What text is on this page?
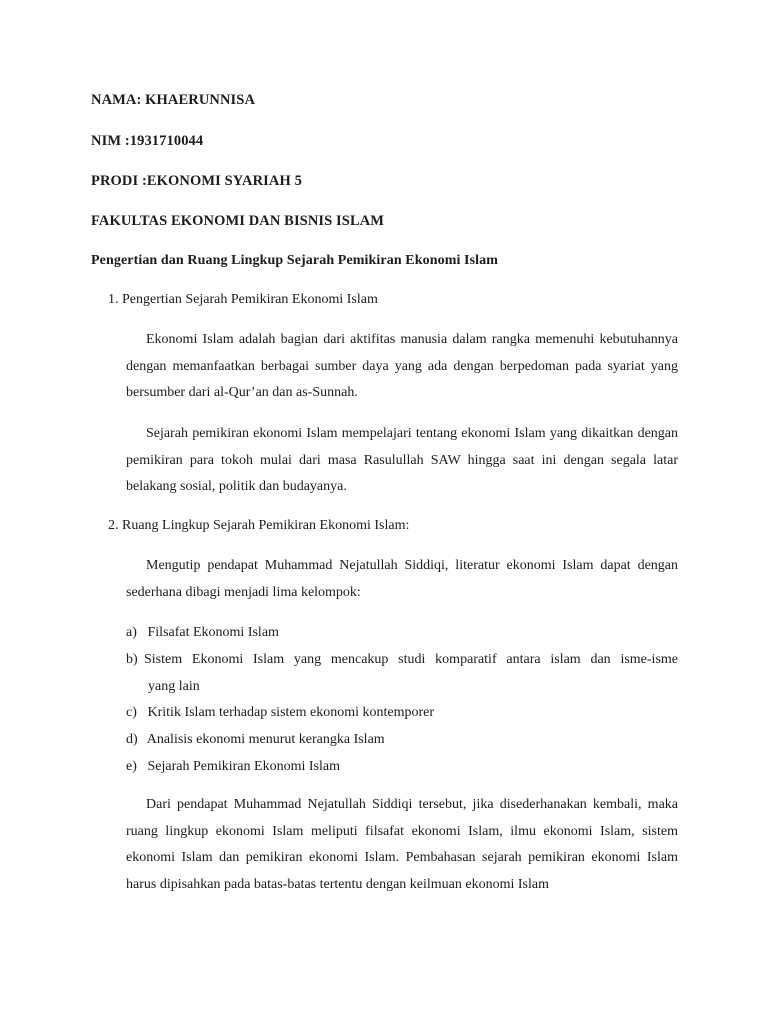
NAMA: KHAERUNNISA
NIM :1931710044
PRODI :EKONOMI SYARIAH 5
FAKULTAS EKONOMI DAN BISNIS ISLAM
Pengertian dan Ruang Lingkup Sejarah Pemikiran Ekonomi Islam
1. Pengertian Sejarah Pemikiran Ekonomi Islam
Ekonomi Islam adalah bagian dari aktifitas manusia dalam rangka memenuhi kebutuhannya dengan memanfaatkan berbagai sumber daya yang ada dengan berpedoman pada syariat yang bersumber dari al-Qur’an dan as-Sunnah.
Sejarah pemikiran ekonomi Islam mempelajari tentang ekonomi Islam yang dikaitkan dengan pemikiran para tokoh mulai dari masa Rasulullah SAW hingga saat ini dengan segala latar belakang sosial, politik dan budayanya.
2. Ruang Lingkup Sejarah Pemikiran Ekonomi Islam:
Mengutip pendapat Muhammad Nejatullah Siddiqi, literatur ekonomi Islam dapat dengan sederhana dibagi menjadi lima kelompok:
a) Filsafat Ekonomi Islam
b) Sistem Ekonomi Islam yang mencakup studi komparatif antara islam dan isme-isme
yang lain
c) Kritik Islam terhadap sistem ekonomi kontemporer
d) Analisis ekonomi menurut kerangka Islam
e) Sejarah Pemikiran Ekonomi Islam
Dari pendapat Muhammad Nejatullah Siddiqi tersebut, jika disederhanakan kembali, maka ruang lingkup ekonomi Islam meliputi filsafat ekonomi Islam, ilmu ekonomi Islam, sistem ekonomi Islam dan pemikiran ekonomi Islam. Pembahasan sejarah pemikiran ekonomi Islam harus dipisahkan pada batas-batas tertentu dengan keilmuan ekonomi Islam
